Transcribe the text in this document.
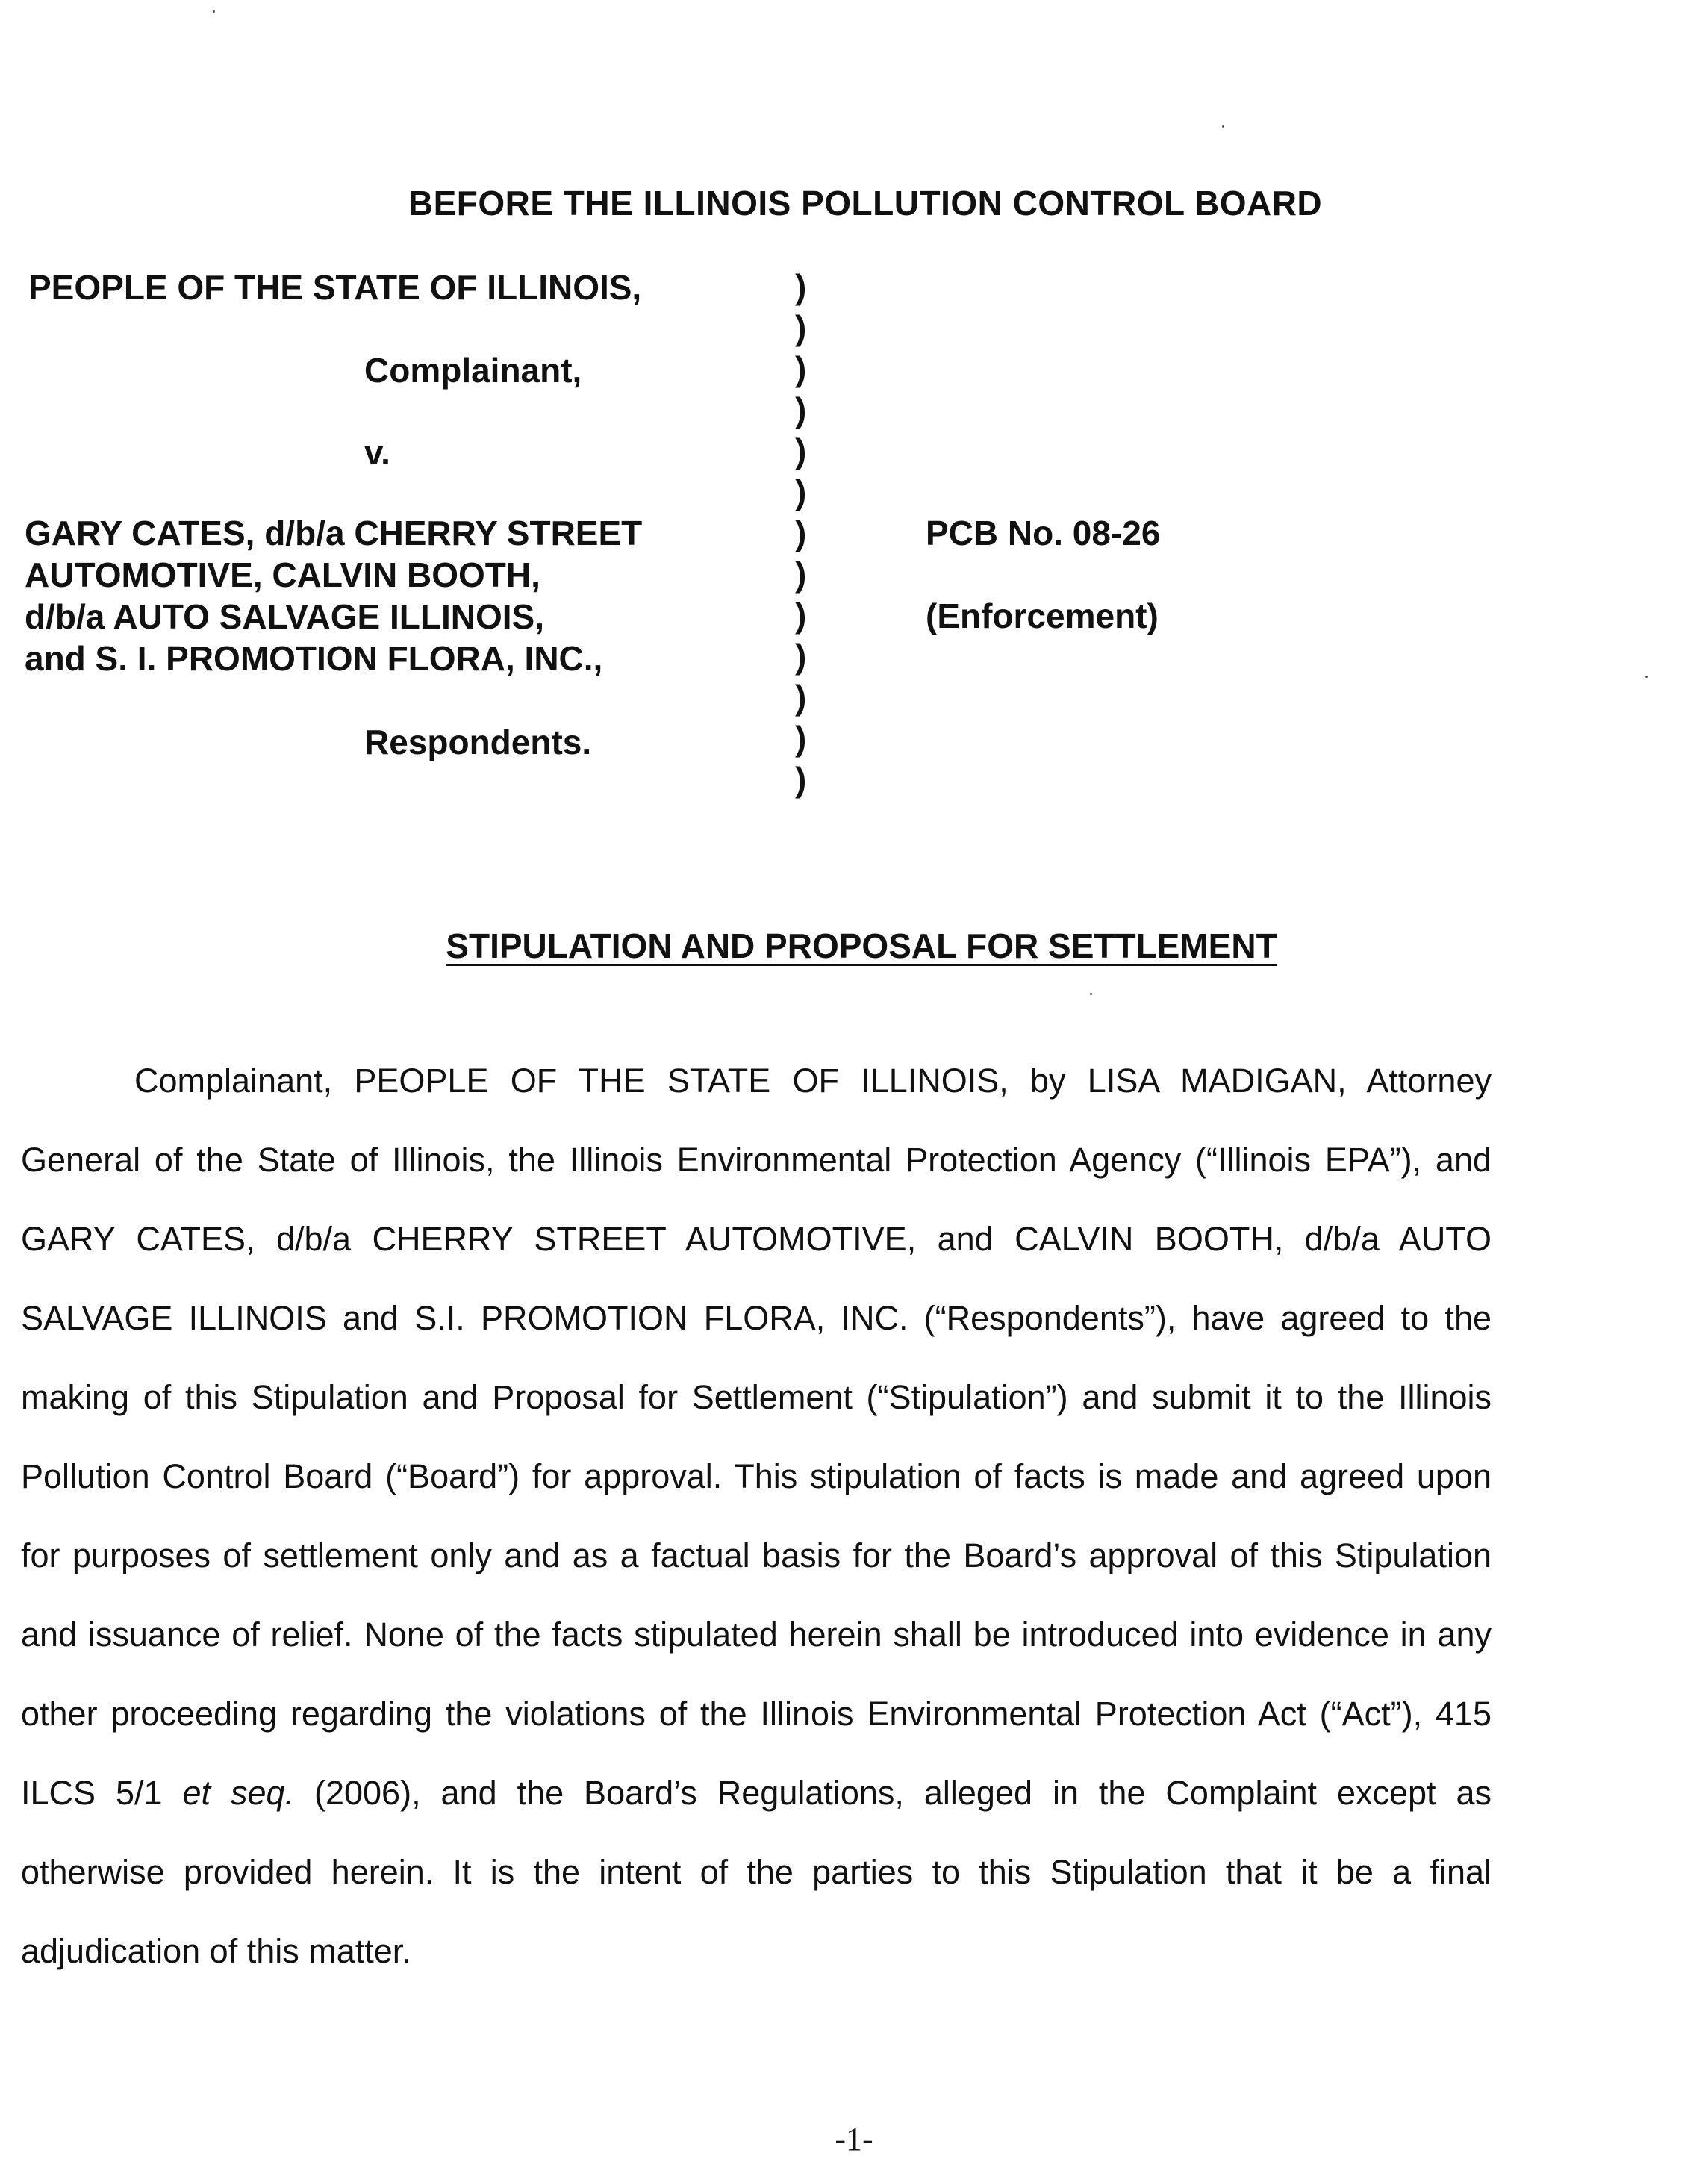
BEFORE THE ILLINOIS POLLUTION CONTROL BOARD
PEOPLE OF THE STATE OF ILLINOIS,
Complainant,
v.
GARY CATES, d/b/a CHERRY STREET
AUTOMOTIVE, CALVIN BOOTH,
d/b/a AUTO SALVAGE ILLINOIS,
and S. I. PROMOTION FLORA, INC.,
Respondents.
)
)
)
)
)
)
)
)
)
)
)
)
)
PCB No. 08-26
(Enforcement)
STIPULATION AND PROPOSAL FOR SETTLEMENT
Complainant, PEOPLE OF THE STATE OF ILLINOIS, by LISA MADIGAN, Attorney General of the State of Illinois, the Illinois Environmental Protection Agency (“Illinois EPA”), and GARY CATES, d/b/a CHERRY STREET AUTOMOTIVE, and CALVIN BOOTH, d/b/a AUTO SALVAGE ILLINOIS and S.I. PROMOTION FLORA, INC. (“Respondents”), have agreed to the making of this Stipulation and Proposal for Settlement (“Stipulation”) and submit it to the Illinois Pollution Control Board (“Board”) for approval. This stipulation of facts is made and agreed upon for purposes of settlement only and as a factual basis for the Board’s approval of this Stipulation and issuance of relief. None of the facts stipulated herein shall be introduced into evidence in any other proceeding regarding the violations of the Illinois Environmental Protection Act (“Act”), 415 ILCS 5/1 et seq. (2006), and the Board’s Regulations, alleged in the Complaint except as otherwise provided herein. It is the intent of the parties to this Stipulation that it be a final adjudication of this matter.
-1-
